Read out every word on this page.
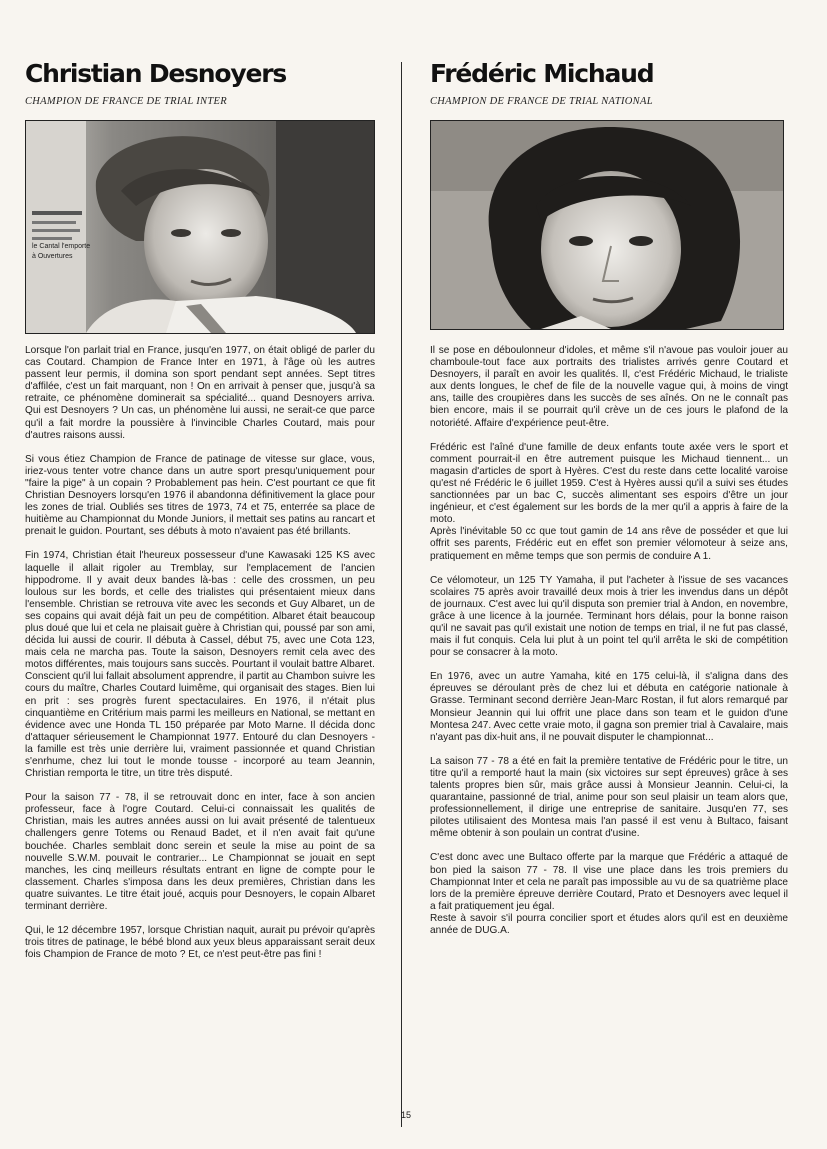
Christian Desnoyers
CHAMPION DE FRANCE DE TRIAL INTER
le Cantal l'emporte
à Ouvertures

Lorsque l'on parlait trial en France, jusqu'en 1977, on était obligé de parler du cas Coutard. Champion de France Inter en 1971, à l'âge où les autres passent leur permis, il domina son sport pendant sept années. Sept titres d'affilée, c'est un fait marquant, non ! On en arrivait à penser que, jusqu'à sa retraite, ce phénomène dominerait sa spécialité... quand Desnoyers arriva. Qui est Desnoyers ? Un cas, un phénomène lui aussi, ne serait-ce que parce qu'il a fait mordre la poussière à l'invincible Charles Coutard, mais pour d'autres raisons aussi.

Si vous étiez Champion de France de patinage de vitesse sur glace, vous, iriez-vous tenter votre chance dans un autre sport presqu'uniquement pour "faire la pige" à un copain ? Probablement pas hein. C'est pourtant ce que fit Christian Desnoyers lorsqu'en 1976 il abandonna définitivement la glace pour les zones de trial. Oubliés ses titres de 1973, 74 et 75, enterrée sa place de huitième au Championnat du Monde Juniors, il mettait ses patins au rancart et prenait le guidon. Pourtant, ses débuts à moto n'avaient pas été brillants.

Fin 1974, Christian était l'heureux possesseur d'une Kawasaki 125 KS avec laquelle il allait rigoler au Tremblay, sur l'emplacement de l'ancien hippodrome. Il y avait deux bandes là-bas : celle des crossmen, un peu loulous sur les bords, et celle des trialistes qui présentaient mieux dans l'ensemble. Christian se retrouva vite avec les seconds et Guy Albaret, un de ses copains qui avait déjà fait un peu de compétition. Albaret était beaucoup plus doué que lui et cela ne plaisait guère à Christian qui, poussé par son ami, décida lui aussi de courir. Il débuta à Cassel, début 75, avec une Cota 123, mais cela ne marcha pas. Toute la saison, Desnoyers remit cela avec des motos différentes, mais toujours sans succès. Pourtant il voulait battre Albaret.

Conscient qu'il lui fallait absolument apprendre, il partit au Chambon suivre les cours du maître, Charles Coutard luimême, qui organisait des stages. Bien lui en prit : ses progrès furent spectaculaires. En 1976, il n'était plus cinquantième en Critérium mais parmi les meilleurs en National, se mettant en évidence avec une Honda TL 150 préparée par Moto Marne. Il décida donc d'attaquer sérieusement le Championnat 1977. Entouré du clan Desnoyers - la famille est très unie derrière lui, vraiment passionnée et quand Christian s'enrhume, chez lui tout le monde tousse - incorporé au team Jeannin, Christian remporta le titre, un titre très disputé.

Pour la saison 77 - 78, il se retrouvait donc en inter, face à son ancien professeur, face à l'ogre Coutard. Celui-ci connaissait les qualités de Christian, mais les autres années aussi on lui avait présenté de talentueux challengers genre Totems ou Renaud Badet, et il n'en avait fait qu'une bouchée. Charles semblait donc serein et seule la mise au point de sa nouvelle S.W.M. pouvait le contrarier... Le Championnat se jouait en sept manches, les cinq meilleurs résultats entrant en ligne de compte pour le classement. Charles s'imposa dans les deux premières, Christian dans les quatre suivantes. Le titre était joué, acquis pour Desnoyers, le copain Albaret terminant derrière.

Qui, le 12 décembre 1957, lorsque Christian naquit, aurait pu prévoir qu'après trois titres de patinage, le bébé blond aux yeux bleus apparaissant serait deux fois Champion de France de moto ? Et, ce n'est peut-être pas fini !

Frédéric Michaud
CHAMPION DE FRANCE DE TRIAL NATIONAL

Il se pose en déboulonneur d'idoles, et même s'il n'avoue pas vouloir jouer au chamboule-tout face aux portraits des trialistes arrivés genre Coutard et Desnoyers, il paraît en avoir les qualités. Il, c'est Frédéric Michaud, le trialiste aux dents longues, le chef de file de la nouvelle vague qui, à moins de vingt ans, taille des croupières dans les succès de ses aînés. On ne le connaît pas bien encore, mais il se pourrait qu'il crève un de ces jours le plafond de la notoriété. Affaire d'expérience peut-être.

Frédéric est l'aîné d'une famille de deux enfants toute axée vers le sport et comment pourrait-il en être autrement puisque les Michaud tiennent... un magasin d'articles de sport à Hyères. C'est du reste dans cette localité varoise qu'est né Frédéric le 6 juillet 1959. C'est à Hyères aussi qu'il a suivi ses études sanctionnées par un bac C, succès alimentant ses espoirs d'être un jour ingénieur, et c'est également sur les bords de la mer qu'il a appris à faire de la moto.

Après l'inévitable 50 cc que tout gamin de 14 ans rêve de posséder et que lui offrit ses parents, Frédéric eut en effet son premier vélomoteur à seize ans, pratiquement en même temps que son permis de conduire A 1.

Ce vélomoteur, un 125 TY Yamaha, il put l'acheter à l'issue de ses vacances scolaires 75 après avoir travaillé deux mois à trier les invendus dans un dépôt de journaux. C'est avec lui qu'il disputa son premier trial à Andon, en novembre, grâce à une licence à la journée. Terminant hors délais, pour la bonne raison qu'il ne savait pas qu'il existait une notion de temps en trial, il ne fut pas classé, mais il fut conquis. Cela lui plut à un point tel qu'il arrêta le ski de compétition pour se consacrer à la moto.

En 1976, avec un autre Yamaha, kité en 175 celui-là, il s'aligna dans des épreuves se déroulant près de chez lui et débuta en catégorie nationale à Grasse. Terminant second derrière Jean-Marc Rostan, il fut alors remarqué par Monsieur Jeannin qui lui offrit une place dans son team et le guidon d'une Montesa 247. Avec cette vraie moto, il gagna son premier trial à Cavalaire, mais n'ayant pas dix-huit ans, il ne pouvait disputer le championnat...

La saison 77 - 78 a été en fait la première tentative de Frédéric pour le titre, un titre qu'il a remporté haut la main (six victoires sur sept épreuves) grâce à ses talents propres bien sûr, mais grâce aussi à Monsieur Jeannin. Celui-ci, la quarantaine, passionné de trial, anime pour son seul plaisir un team alors que, professionnellement, il dirige une entreprise de sanitaire. Jusqu'en 77, ses pilotes utilisaient des Montesa mais l'an passé il est venu à Bultaco, faisant même obtenir à son poulain un contrat d'usine.

C'est donc avec une Bultaco offerte par la marque que Frédéric a attaqué de bon pied la saison 77 - 78. Il vise une place dans les trois premiers du Championnat Inter et cela ne paraît pas impossible au vu de sa quatrième place lors de la première épreuve derrière Coutard, Prato et Desnoyers avec lequel il a fait pratiquement jeu égal.

Reste à savoir s'il pourra concilier sport et études alors qu'il est en deuxième année de DUG.A.

15
